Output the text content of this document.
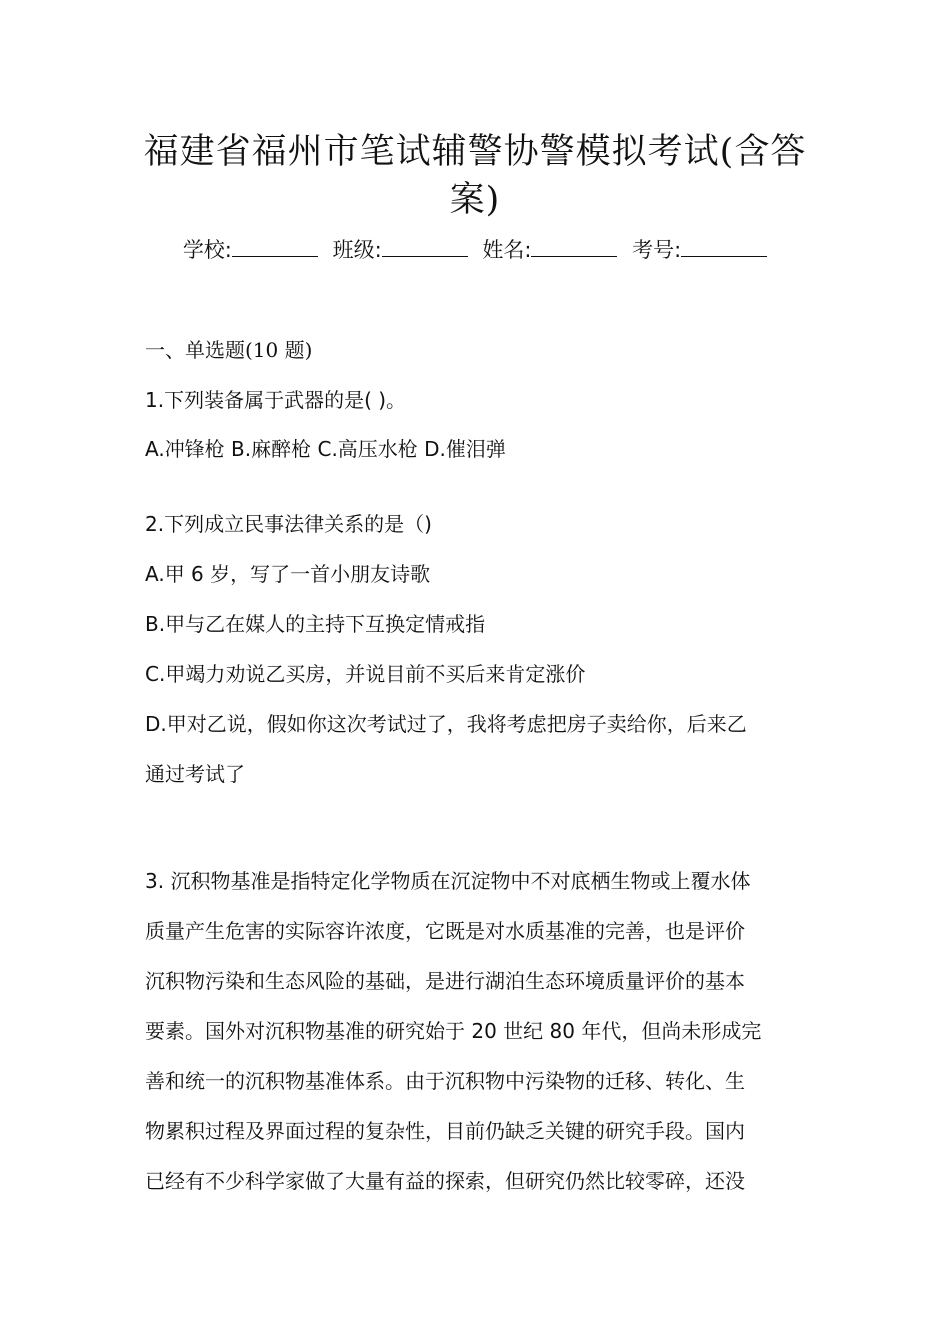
福建省福州市笔试辅警协警模拟考试(含答
案)
学校:	班级:	姓名:	考号:
一、单选题(10 题)
1.下列装备属于武器的是( )。
A.冲锋枪 B.麻醉枪 C.高压水枪 D.催泪弹
2.下列成立民事法律关系的是（)
A.甲 6 岁，写了一首小朋友诗歌
B.甲与乙在媒人的主持下互换定情戒指
C.甲竭力劝说乙买房，并说目前不买后来肯定涨价
D.甲对乙说，假如你这次考试过了，我将考虑把房子卖给你，后来乙
通过考试了
3. 沉积物基准是指特定化学物质在沉淀物中不对底栖生物或上覆水体
质量产生危害的实际容许浓度，它既是对水质基准的完善，也是评价
沉积物污染和生态风险的基础，是进行湖泊生态环境质量评价的基本
要素。国外对沉积物基准的研究始于 20 世纪 80 年代，但尚未形成完
善和统一的沉积物基准体系。由于沉积物中污染物的迁移、转化、生
物累积过程及界面过程的复杂性，目前仍缺乏关键的研究手段。国内
已经有不少科学家做了大量有益的探索，但研究仍然比较零碎，还没
